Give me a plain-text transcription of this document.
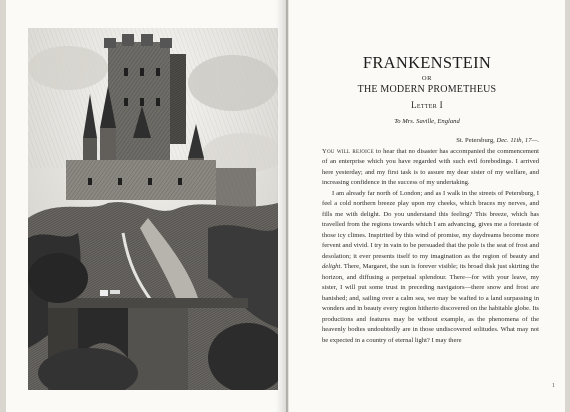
FRANKENSTEIN
OR
THE MODERN PROMETHEUS
Letter I
To Mrs. Saville, England
St. Petersburg, Dec. 11th, 17—.

You will rejoice to hear that no disaster has accompanied the commencement of an enterprise which you have regarded with such evil forebodings. I arrived here yesterday; and my first task is to assure my dear sister of my welfare, and increasing confidence in the success of my undertaking.

I am already far north of London; and as I walk in the streets of Petersburg, I feel a cold northern breeze play upon my cheeks, which braces my nerves, and fills me with delight. Do you understand this feeling? This breeze, which has travelled from the regions towards which I am advancing, gives me a foretaste of those icy climes. Inspirited by this wind of promise, my daydreams become more fervent and vivid. I try in vain to be persuaded that the pole is the seat of frost and desolation; it ever presents itself to my imagination as the region of beauty and delight. There, Margaret, the sun is forever visible; its broad disk just skirting the horizon, and diffusing a perpetual splendour. There—for with your leave, my sister, I will put some trust in preceding navigators—there snow and frost are banished; and, sailing over a calm sea, we may be wafted to a land surpassing in wonders and in beauty every region hitherto discovered on the habitable globe. Its productions and features may be without example, as the phenomena of the heavenly bodies undoubtedly are in those undiscovered solitudes. What may not be expected in a country of eternal light? I may there

1
